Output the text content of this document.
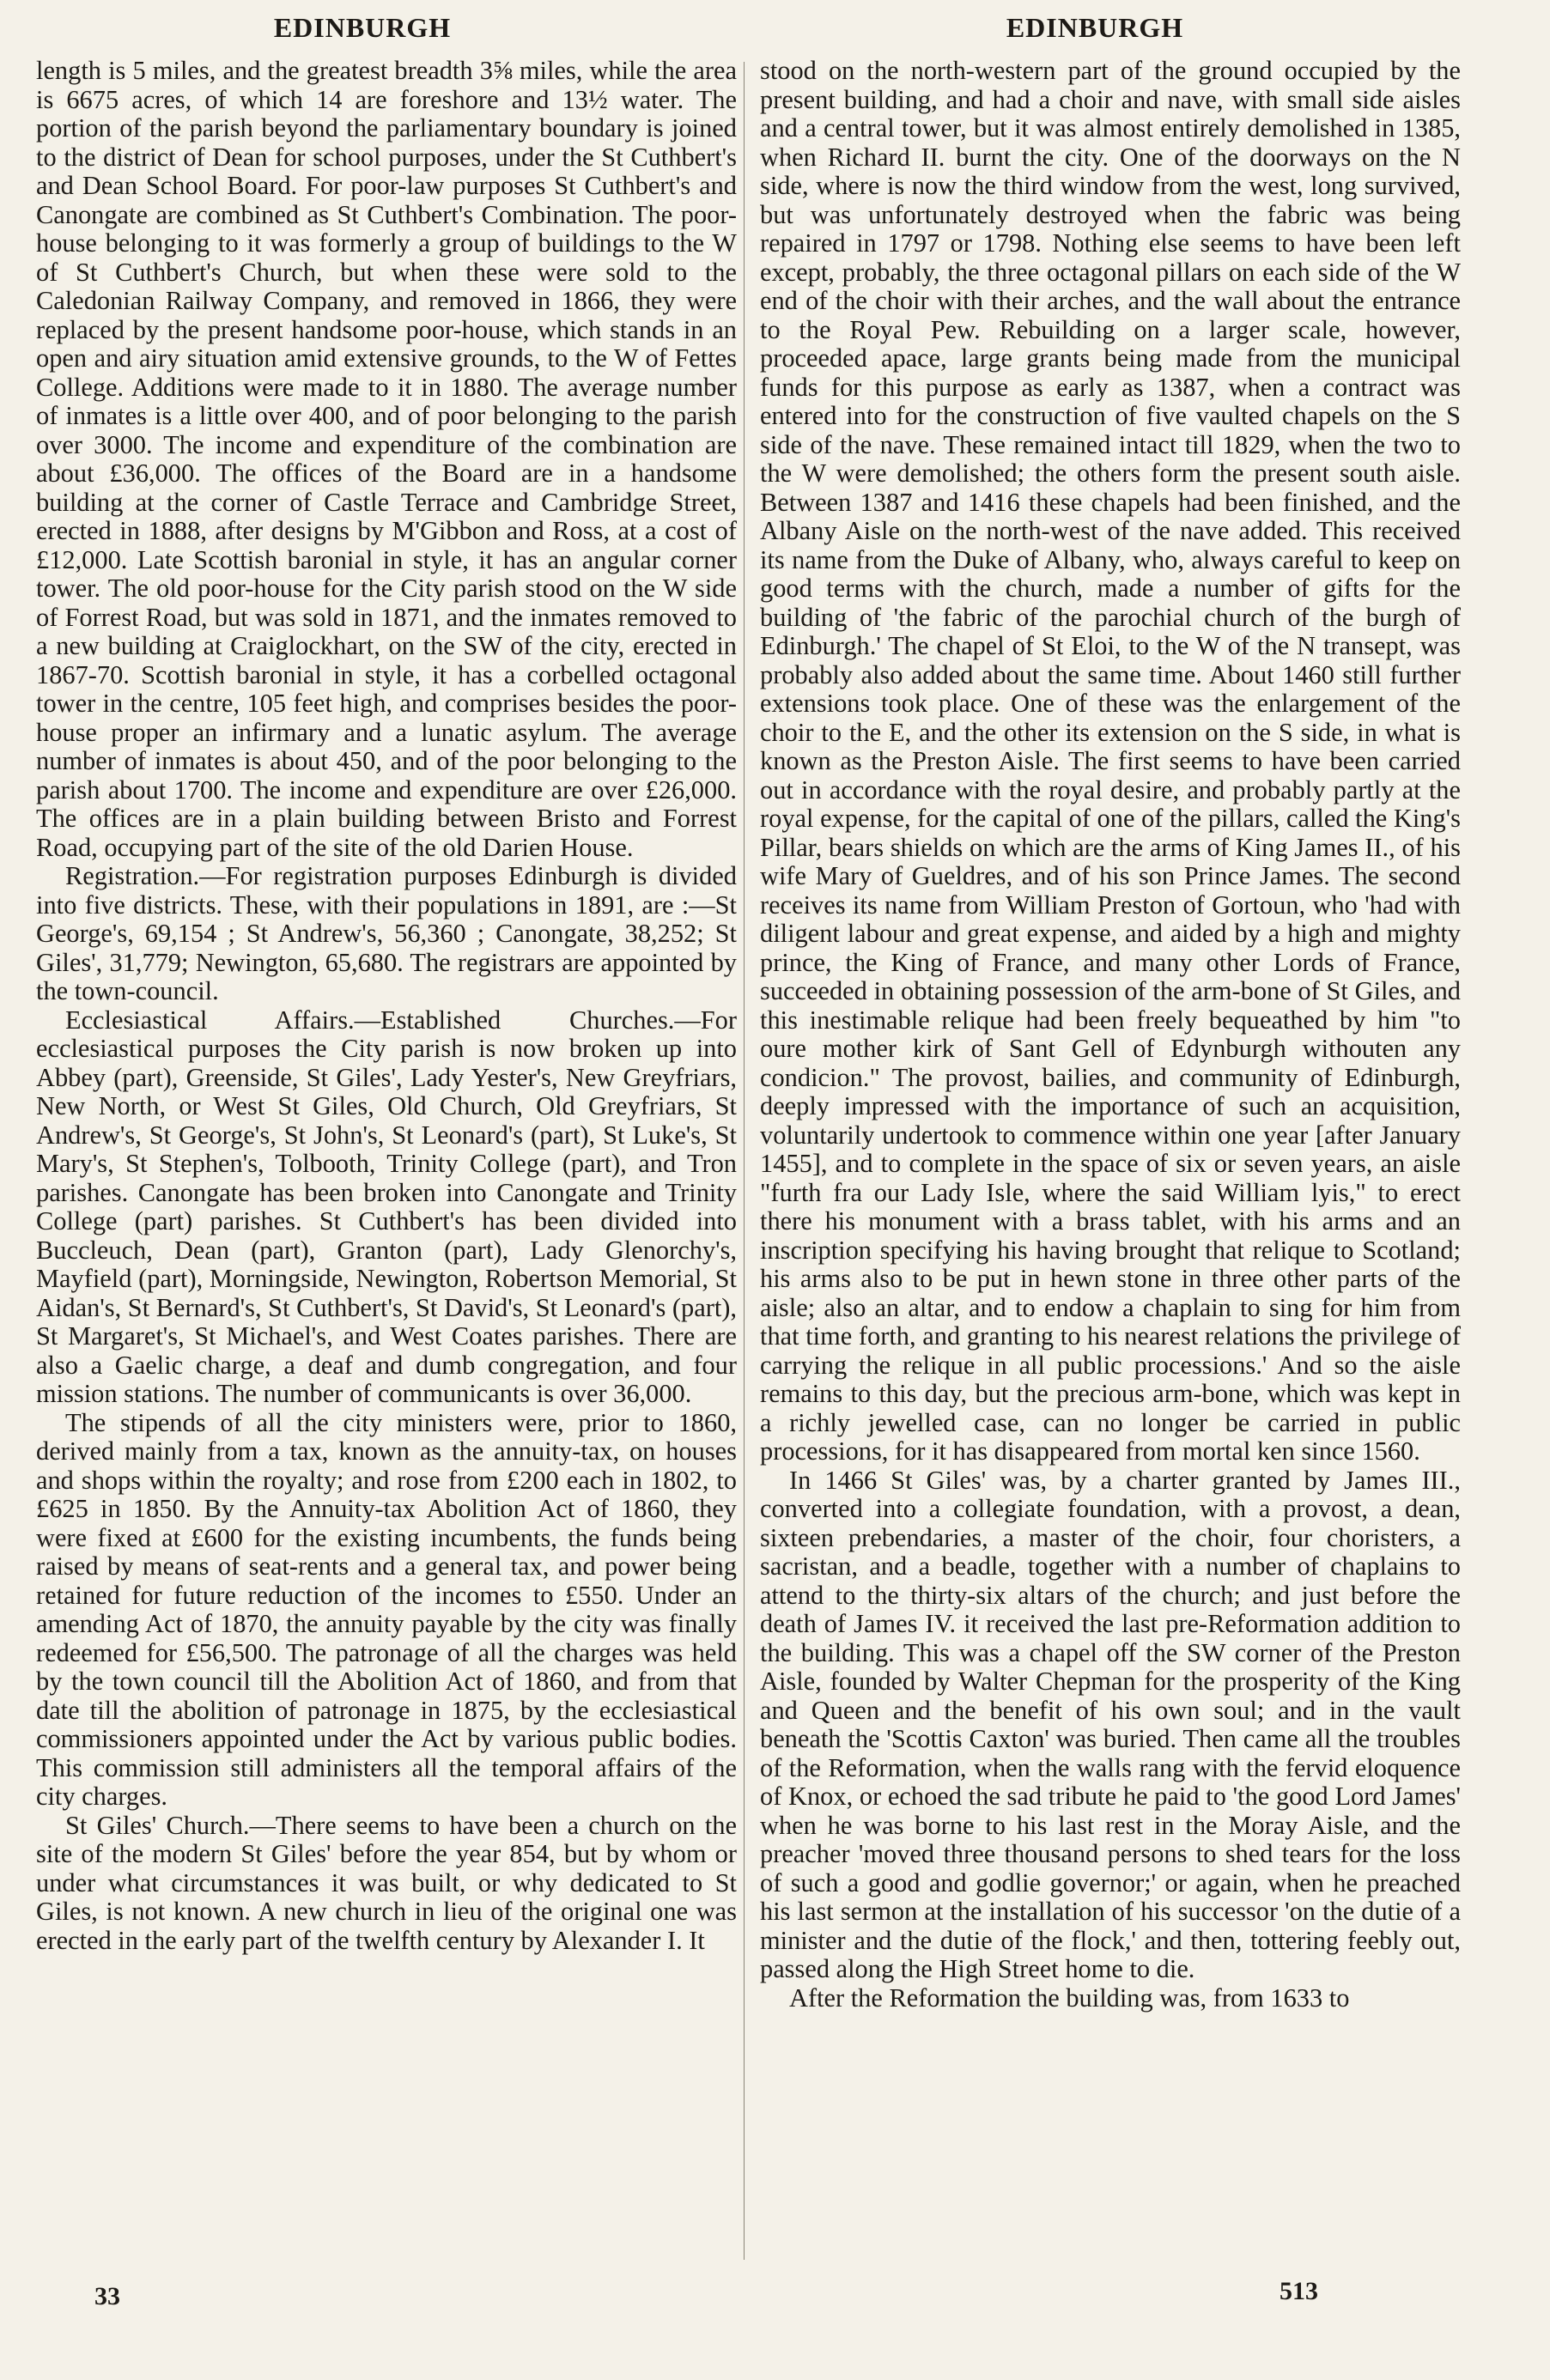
EDINBURGH	EDINBURGH

length is 5 miles, and the greatest breadth 3⅝ miles, while the area is 6675 acres, of which 14 are foreshore and 13½ water. The portion of the parish beyond the parliamentary boundary is joined to the district of Dean for school purposes, under the St Cuthbert's and Dean School Board. For poor-law purposes St Cuthbert's and Canongate are combined as St Cuthbert's Combination. The poor-house belonging to it was formerly a group of buildings to the W of St Cuthbert's Church, but when these were sold to the Caledonian Railway Company, and removed in 1866, they were replaced by the present handsome poor-house, which stands in an open and airy situation amid extensive grounds, to the W of Fettes College. Additions were made to it in 1880. The average number of inmates is a little over 400, and of poor belonging to the parish over 3000. The income and expenditure of the combination are about £36,000. The offices of the Board are in a handsome building at the corner of Castle Terrace and Cambridge Street, erected in 1888, after designs by M'Gibbon and Ross, at a cost of £12,000. Late Scottish baronial in style, it has an angular corner tower. The old poor-house for the City parish stood on the W side of Forrest Road, but was sold in 1871, and the inmates removed to a new building at Craiglockhart, on the SW of the city, erected in 1867-70. Scottish baronial in style, it has a corbelled octagonal tower in the centre, 105 feet high, and comprises besides the poor-house proper an infirmary and a lunatic asylum. The average number of inmates is about 450, and of the poor belonging to the parish about 1700. The income and expenditure are over £26,000. The offices are in a plain building between Bristo and Forrest Road, occupying part of the site of the old Darien House.

Registration.—For registration purposes Edinburgh is divided into five districts. These, with their populations in 1891, are :—St George's, 69,154 ; St Andrew's, 56,360 ; Canongate, 38,252; St Giles', 31,779; Newington, 65,680. The registrars are appointed by the town-council.

Ecclesiastical Affairs.—Established Churches.—For ecclesiastical purposes the City parish is now broken up into Abbey (part), Greenside, St Giles', Lady Yester's, New Greyfriars, New North, or West St Giles, Old Church, Old Greyfriars, St Andrew's, St George's, St John's, St Leonard's (part), St Luke's, St Mary's, St Stephen's, Tolbooth, Trinity College (part), and Tron parishes. Canongate has been broken into Canongate and Trinity College (part) parishes. St Cuthbert's has been divided into Buccleuch, Dean (part), Granton (part), Lady Glenorchy's, Mayfield (part), Morningside, Newington, Robertson Memorial, St Aidan's, St Bernard's, St Cuthbert's, St David's, St Leonard's (part), St Margaret's, St Michael's, and West Coates parishes. There are also a Gaelic charge, a deaf and dumb congregation, and four mission stations. The number of communicants is over 36,000.

The stipends of all the city ministers were, prior to 1860, derived mainly from a tax, known as the annuity-tax, on houses and shops within the royalty; and rose from £200 each in 1802, to £625 in 1850. By the Annuity-tax Abolition Act of 1860, they were fixed at £600 for the existing incumbents, the funds being raised by means of seat-rents and a general tax, and power being retained for future reduction of the incomes to £550. Under an amending Act of 1870, the annuity payable by the city was finally redeemed for £56,500. The patronage of all the charges was held by the town council till the Abolition Act of 1860, and from that date till the abolition of patronage in 1875, by the ecclesiastical commissioners appointed under the Act by various public bodies. This commission still administers all the temporal affairs of the city charges.

St Giles' Church.—There seems to have been a church on the site of the modern St Giles' before the year 854, but by whom or under what circumstances it was built, or why dedicated to St Giles, is not known. A new church in lieu of the original one was erected in the early part of the twelfth century by Alexander I. It

stood on the north-western part of the ground occupied by the present building, and had a choir and nave, with small side aisles and a central tower, but it was almost entirely demolished in 1385, when Richard II. burnt the city. One of the doorways on the N side, where is now the third window from the west, long survived, but was unfortunately destroyed when the fabric was being repaired in 1797 or 1798. Nothing else seems to have been left except, probably, the three octagonal pillars on each side of the W end of the choir with their arches, and the wall about the entrance to the Royal Pew. Rebuilding on a larger scale, however, proceeded apace, large grants being made from the municipal funds for this purpose as early as 1387, when a contract was entered into for the construction of five vaulted chapels on the S side of the nave. These remained intact till 1829, when the two to the W were demolished; the others form the present south aisle. Between 1387 and 1416 these chapels had been finished, and the Albany Aisle on the north-west of the nave added. This received its name from the Duke of Albany, who, always careful to keep on good terms with the church, made a number of gifts for the building of 'the fabric of the parochial church of the burgh of Edinburgh.' The chapel of St Eloi, to the W of the N transept, was probably also added about the same time. About 1460 still further extensions took place. One of these was the enlargement of the choir to the E, and the other its extension on the S side, in what is known as the Preston Aisle. The first seems to have been carried out in accordance with the royal desire, and probably partly at the royal expense, for the capital of one of the pillars, called the King's Pillar, bears shields on which are the arms of King James II., of his wife Mary of Gueldres, and of his son Prince James. The second receives its name from William Preston of Gortoun, who 'had with diligent labour and great expense, and aided by a high and mighty prince, the King of France, and many other Lords of France, succeeded in obtaining possession of the arm-bone of St Giles, and this inestimable relique had been freely bequeathed by him "to oure mother kirk of Sant Gell of Edynburgh withouten any condicion." The provost, bailies, and community of Edinburgh, deeply impressed with the importance of such an acquisition, voluntarily undertook to commence within one year [after January 1455], and to complete in the space of six or seven years, an aisle "furth fra our Lady Isle, where the said William lyis," to erect there his monument with a brass tablet, with his arms and an inscription specifying his having brought that relique to Scotland; his arms also to be put in hewn stone in three other parts of the aisle; also an altar, and to endow a chaplain to sing for him from that time forth, and granting to his nearest relations the privilege of carrying the relique in all public processions.' And so the aisle remains to this day, but the precious arm-bone, which was kept in a richly jewelled case, can no longer be carried in public processions, for it has disappeared from mortal ken since 1560.

In 1466 St Giles' was, by a charter granted by James III., converted into a collegiate foundation, with a provost, a dean, sixteen prebendaries, a master of the choir, four choristers, a sacristan, and a beadle, together with a number of chaplains to attend to the thirty-six altars of the church; and just before the death of James IV. it received the last pre-Reformation addition to the building. This was a chapel off the SW corner of the Preston Aisle, founded by Walter Chepman for the prosperity of the King and Queen and the benefit of his own soul; and in the vault beneath the 'Scottis Caxton' was buried. Then came all the troubles of the Reformation, when the walls rang with the fervid eloquence of Knox, or echoed the sad tribute he paid to 'the good Lord James' when he was borne to his last rest in the Moray Aisle, and the preacher 'moved three thousand persons to shed tears for the loss of such a good and godlie governor;' or again, when he preached his last sermon at the installation of his successor 'on the dutie of a minister and the dutie of the flock,' and then, tottering feebly out, passed along the High Street home to die.

After the Reformation the building was, from 1633 to

33	513
